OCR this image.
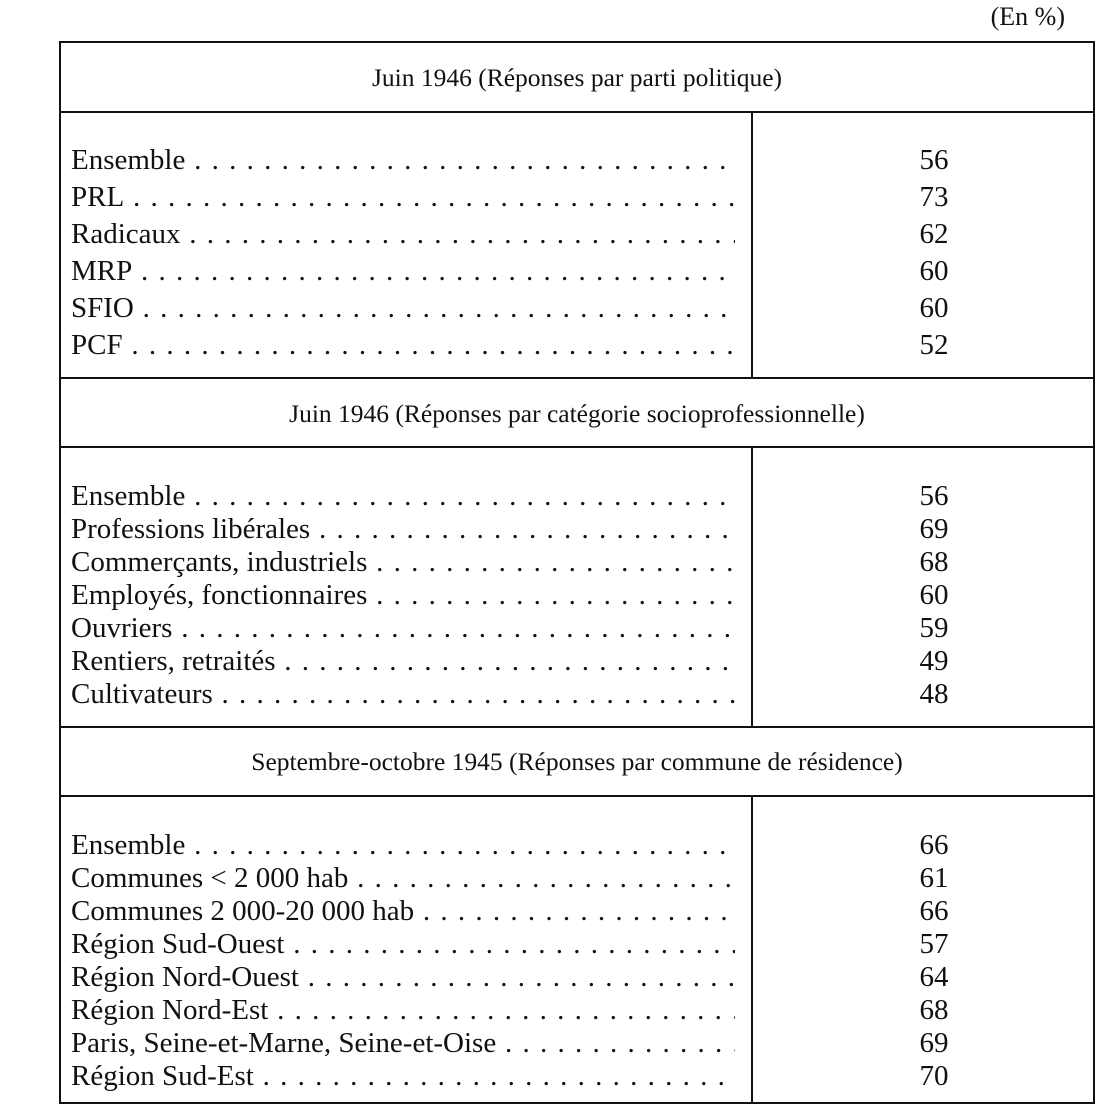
(En %)
Juin 1946 (Réponses par parti politique)
Ensemble . . .	56
PRL . . .	73
Radicaux . . .	62
MRP . . .	60
SFIO . . .	60
PCF . . .	52
Juin 1946 (Réponses par catégorie socioprofessionnelle)
Ensemble . . .	56
Professions libérales . . .	69
Commerçants, industriels . . .	68
Employés, fonctionnaires . . .	60
Ouvriers . . .	59
Rentiers, retraités . . .	49
Cultivateurs . . .	48
Septembre-octobre 1945 (Réponses par commune de résidence)
Ensemble . . .	66
Communes < 2 000 hab . . .	61
Communes 2 000-20 000 hab . . .	66
Région Sud-Ouest . . .	57
Région Nord-Ouest . . .	64
Région Nord-Est . . .	68
Paris, Seine-et-Marne, Seine-et-Oise . . .	69
Région Sud-Est . . .	70
